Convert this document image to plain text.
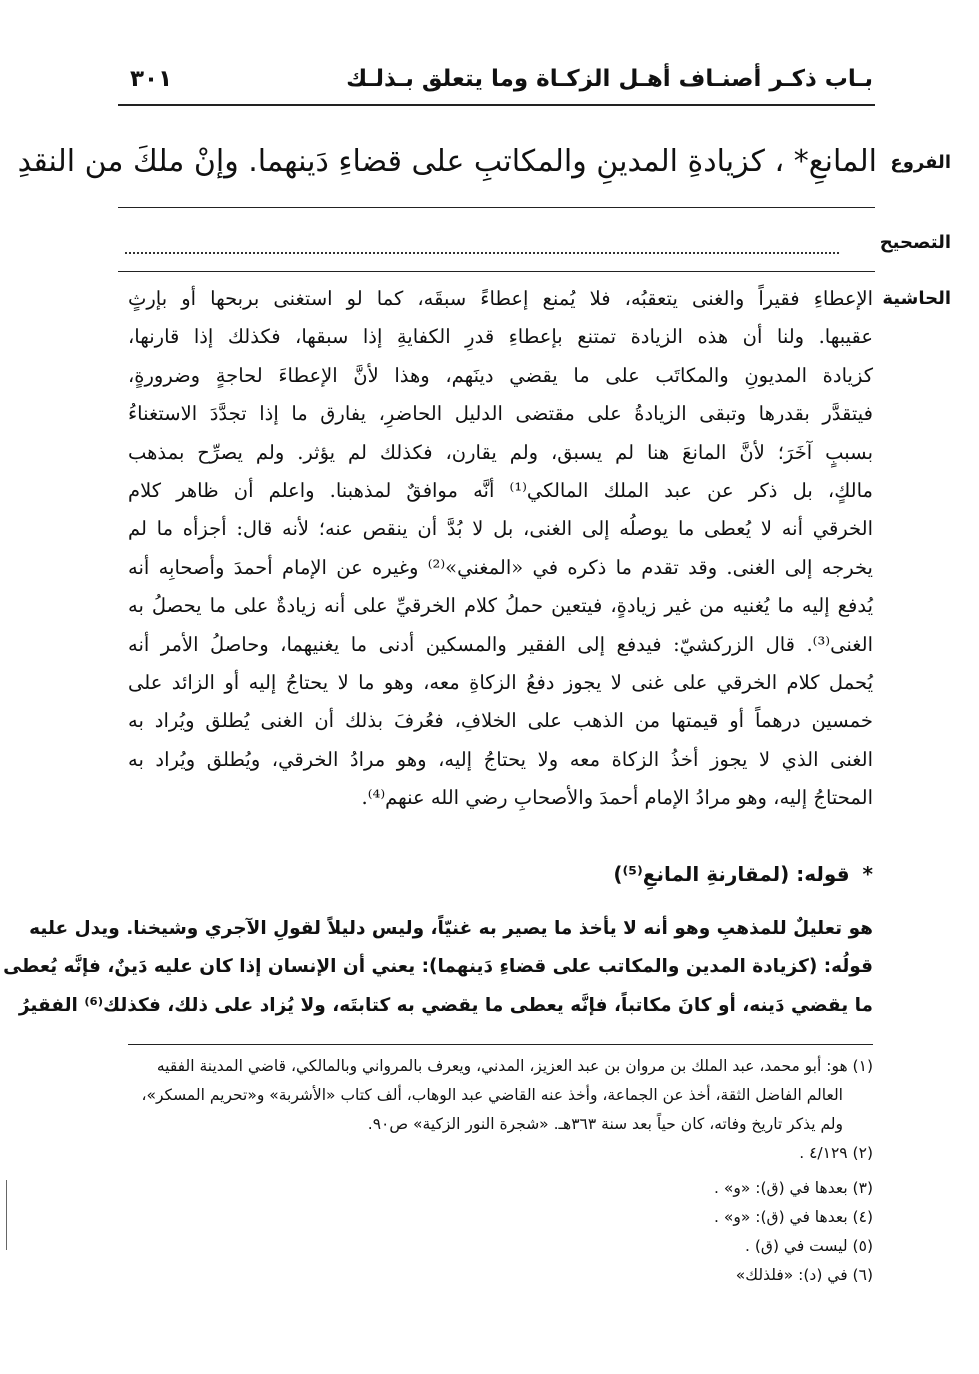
بـاب ذكـر أصنـاف أهـل الزكـاة وما يتعلق بـذلـك
٣٠١
الفروع
المانعِ* ، كزيادةِ المدينِ والمكاتبِ على قضاءِ دَينهما. وإنْ ملكَ من النقدِ
التصحيح
الحاشية
الإعطاءِ فقيراً والغنى يتعقبُه، فلا يُمنع إعطاءً سبقَه، كما لو استغنى بربحها أو بإرثٍ
عقيبها. ولنا أن هذه الزيادة تمتنع بإعطاءِ قدرِ الكفايةِ إذا سبقها، فكذلك إذا قارنها،
كزيادة المديونِ والمكاتَب على ما يقضي دينَهم، وهذا لأنَّ الإعطاءَ لحاجةٍ وضرورةٍ،
فيتقدَّر بقدرها وتبقى الزيادةُ على مقتضى الدليل الحاضرِ، يفارق ما إذا تجدَّدَ الاستغناءُ
بسببٍ آخَرَ؛ لأنَّ المانعَ هنا لم يسبق، ولم يقارن، فكذلك لم يؤثر. ولم يصرِّح بمذهب
مالكٍ، بل ذكر عن عبد الملك المالكي⁽¹⁾ أنَّه موافقٌ لمذهبنا. واعلم أن ظاهر كلام
الخرقي أنه لا يُعطى ما يوصلُه إلى الغنى، بل لا بُدَّ أن ينقص عنه؛ لأنه قال: أجزأه ما لم
يخرجه إلى الغنى. وقد تقدم ما ذكره في «المغني»⁽²⁾ وغيره عن الإمام أحمدَ وأصحابِه أنه
يُدفع إليه ما يُغنيه من غير زيادةٍ، فيتعين حملُ كلام الخرقيِّ على أنه زيادةٌ على ما يحصلُ به
الغنى⁽³⁾. قال الزركشيّ: فيدفع إلى الفقير والمسكين أدنى ما يغنيهما، وحاصلُ الأمر أنه
يُحمل كلام الخرقي على غنى لا يجوز دفعُ الزكاةِ معه، وهو ما لا يحتاجُ إليه أو الزائد على
خمسين درهماً أو قيمتها من الذهب على الخلافِ، فعُرفَ بذلك أن الغنى يُطلق ويُراد به
الغنى الذي لا يجوز أخذُ الزكاة معه ولا يحتاجُ إليه، وهو مرادُ الخرقي، ويُطلق ويُراد به
المحتاجُ إليه، وهو مرادُ الإمام أحمدَ والأصحابِ رضي الله عنهم⁽⁴⁾.
* قوله: (لمقارنةِ المانعِ⁽⁵⁾)
هو تعليلٌ للمذهبِ وهو أنه لا يأخذ ما يصير به غنيّاً، وليس دليلاً لقولِ الآجري وشيخنا. ويدل عليه
قولُه: (كزيادة المدين والمكاتب على قضاءِ دَينهما): يعني أن الإنسان إذا كان عليه دَينٌ، فإنَّه يُعطى
ما يقضي دَينه، أو كانَ مكاتباً، فإنَّه يعطى ما يقضي به كتابتَه، ولا يُزاد على ذلك، فكذلك⁽⁶⁾ الفقيرُ
(١) هو: أبو محمد، عبد الملك بن مروان بن عبد العزيز، المدني، ويعرف بالمرواني وبالمالكي، قاضي المدينة الفقيه
العالم الفاضل الثقة، أخذ عن الجماعة، وأخذ عنه القاضي عبد الوهاب، ألف كتاب «الأشربة» و«تحريم المسكر»،
ولم يذكر تاريخ وفاته، كان حياً بعد سنة ٣٦٣هـ. «شجرة النور الزكية» ص٩٠.
(٢) ٤/١٢٩ .
(٣) بعدها في (ق): «و» .
(٤) بعدها في (ق): «و» .
(٥) ليست في (ق) .
(٦) في (د): «فلذلك»
